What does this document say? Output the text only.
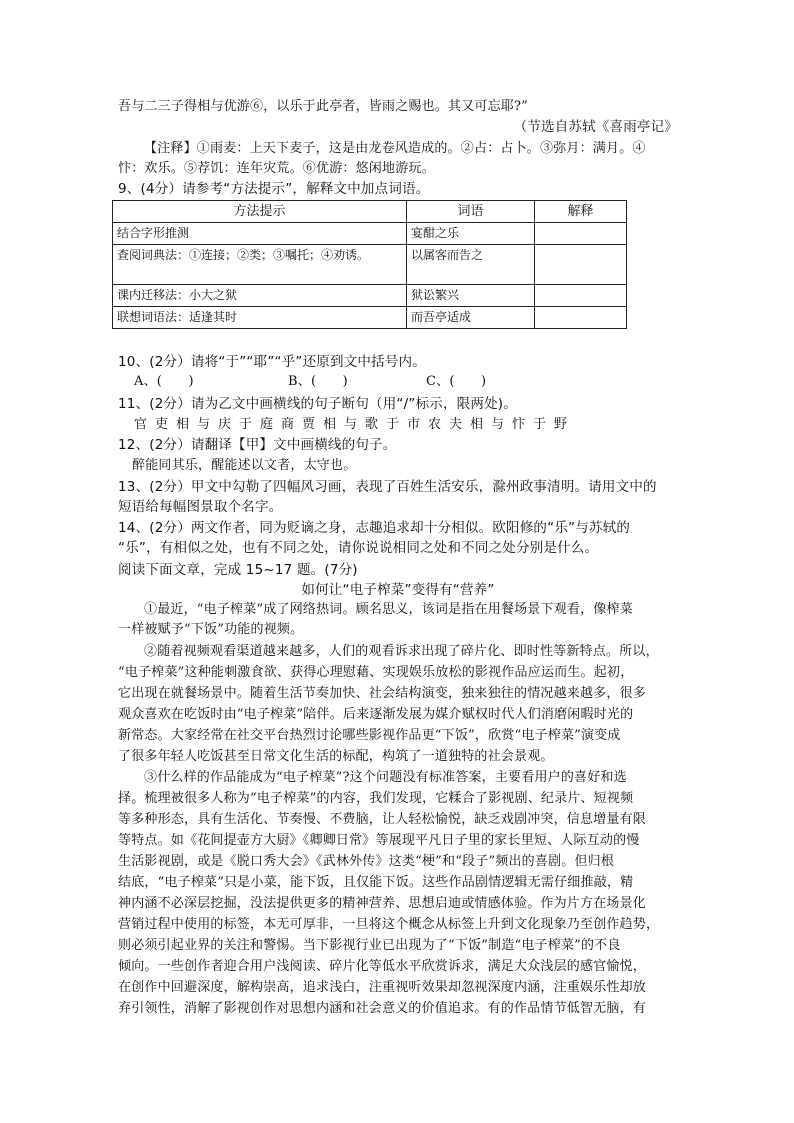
吾与二三子得相与优游⑥，以乐于此亭者，皆雨之赐也。其又可忘耶?”
（节选自苏轼《喜雨亭记》
【注释】①雨麦：上天下麦子，这是由龙卷风造成的。②占：占卜。③弥月：满月。④
忭：欢乐。⑤荐饥：连年灾荒。⑥优游：悠闲地游玩。
9、(4分）请参考“方法提示”，解释文中加点词语。
方法提示	词语	解释
结合字形推测	宴酣之乐	
查阅词典法：①连接；②类；③嘱托；④劝诱。	以属客而告之	
课内迁移法：小大之狱	狱讼繁兴	
联想词语法：适逢其时	而吾亭适成	
10、(2分）请将“于”“耶”“乎”还原到文中括号内。
A、(　　)	B、(　　)	C、(　　)
11、(2分）请为乙文中画横线的句子断句（用“/”标示，限两处)。
官吏相与庆于庭商贾相与歌于市农夫相与忭于野
12、(2分）请翻译【甲】文中画横线的句子。
醉能同其乐，醒能述以文者，太守也。
13、(2分）甲文中勾勒了四幅风习画，表现了百姓生活安乐，滁州政事清明。请用文中的
短语给每幅图景取个名字。
14、(2分）两文作者，同为贬谪之身，志趣追求却十分相似。欧阳修的“乐”与苏轼的
“乐”，有相似之处，也有不同之处，请你说说相同之处和不同之处分别是什么。
阅读下面文章，完成 15~17 题。(7分)
如何让“电子榨菜”变得有“营养”
①最近，“电子榨菜”成了网络热词。顾名思义，该词是指在用餐场景下观看，像榨菜
一样被赋予“下饭”功能的视频。
②随着视频观看渠道越来越多，人们的观看诉求出现了碎片化、即时性等新特点。所以，
“电子榨菜”这种能刺激食欲、获得心理慰藉、实现娱乐放松的影视作品应运而生。起初，
它出现在就餐场景中。随着生活节奏加快、社会结构演变，独来独往的情况越来越多，很多
观众喜欢在吃饭时由“电子榨菜”陪伴。后来逐渐发展为媒介赋权时代人们消磨闲暇时光的
新常态。大家经常在社交平台热烈讨论哪些影视作品更“下饭”，欣赏“电子榨菜”演变成
了很多年轻人吃饭甚至日常文化生活的标配，构筑了一道独特的社会景观。
③什么样的作品能成为“电子榨菜”?这个问题没有标准答案，主要看用户的喜好和选
择。梳理被很多人称为“电子榨菜”的内容，我们发现，它糅合了影视剧、纪录片、短视频
等多种形态，具有生活化、节奏慢、不费脑，让人轻松愉悦，缺乏戏剧冲突，信息增量有限
等特点。如《花间提壶方大厨》《卿卿日常》等展现平凡日子里的家长里短、人际互动的慢
生活影视剧，或是《脱口秀大会》《武林外传》这类“梗”和“段子”频出的喜剧。但归根
结底，“电子榨菜”只是小菜，能下饭，且仅能下饭。这些作品剧情逻辑无需仔细推敲，精
神内涵不必深层挖掘，没法提供更多的精神营养、思想启迪或情感体验。作为片方在场景化
营销过程中使用的标签，本无可厚非，一旦将这个概念从标签上升到文化现象乃至创作趋势，
则必须引起业界的关注和警惕。当下影视行业已出现为了“下饭”制造“电子榨菜”的不良
倾向。一些创作者迎合用户浅阅读、碎片化等低水平欣赏诉求，满足大众浅层的感官愉悦，
在创作中回避深度，解构崇高，追求浅白，注重视听效果却忽视深度内涵，注重娱乐性却放
弃引领性，消解了影视创作对思想内涵和社会意义的价值追求。有的作品情节低智无脑，有
